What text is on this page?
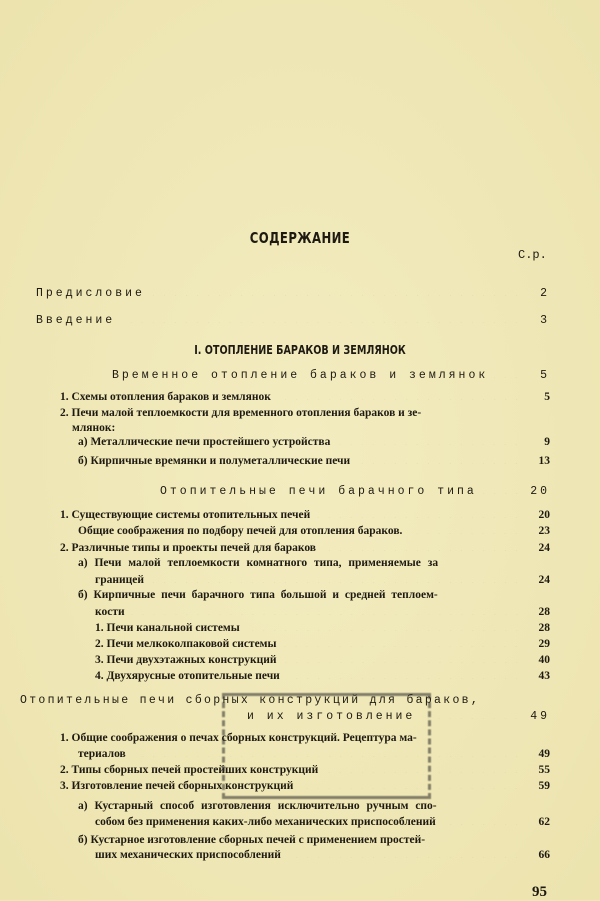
СОДЕРЖАНИЕ
С.р.
Предисловие	2
Введение	3
I. ОТОПЛЕНИЕ БАРАКОВ И ЗЕМЛЯНОК
Временное отопление бараков и землянок	5
1. Схемы отопления бараков и землянок	5
2. Печи малой теплоемкости для временного отопления бараков и зе-
млянок:
а) Металлические печи простейшего устройства	9
б) Кирпичные времянки и полуметаллические печи	13
Отопительные печи барачного типа	20
1. Существующие системы отопительных печей	20
Общие соображения по подбору печей для отопления бараков.	23
2. Различные типы и проекты печей для бараков	24
а) Печи малой теплоемкости комнатного типа, применяемые за
границей	24
б) Кирпичные печи барачного типа большой и средней теплоем-
кости	28
1. Печи канальной системы	28
2. Печи мелкоколпаковой системы	29
3. Печи двухэтажных конструкций	40
4. Двухярусные отопительные печи	43
Отопительные печи сборных конструкций для бараков,
и их изготовление	49
1. Общие соображения о печах сборных конструкций. Рецептура ма-
териалов	49
2. Типы сборных печей простейших конструкций	55
3. Изготовление печей сборных конструкций	59
а) Кустарный способ изготовления исключительно ручным спо-
собом без применения каких-либо механических приспособлений	62
б) Кустарное изготовление сборных печей с применением простей-
ших механических приспособлений	66
95
